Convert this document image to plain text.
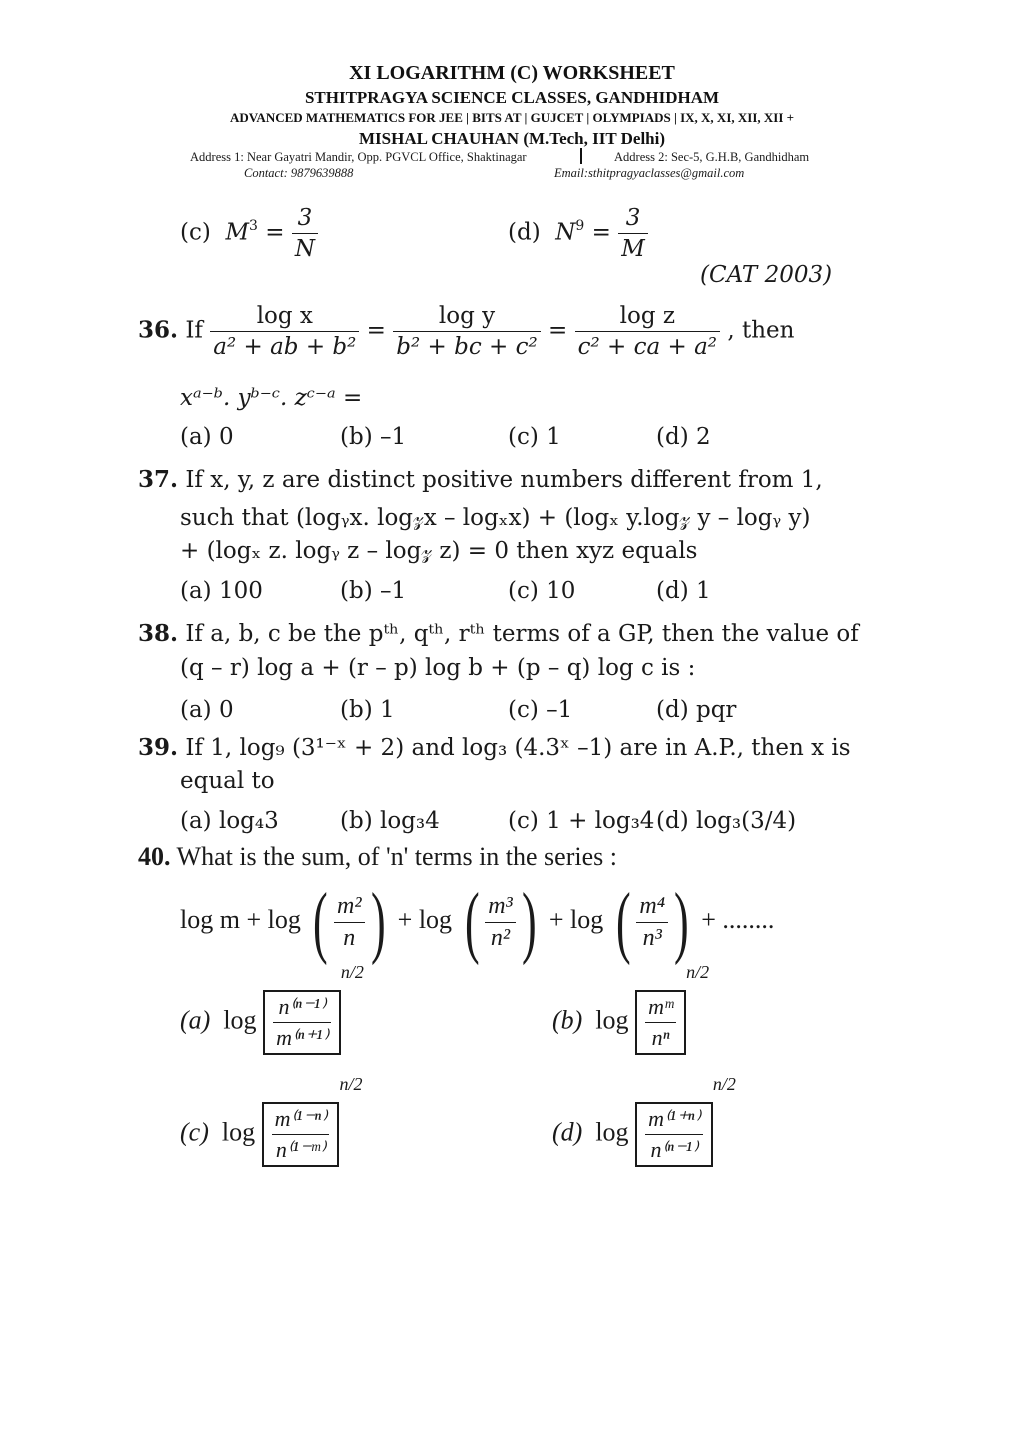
XI LOGARITHM (C) WORKSHEET
STHITPRAGYA SCIENCE CLASSES, GANDHIDHAM
ADVANCED MATHEMATICS FOR JEE | BITS AT | GUJCET | OLYMPIADS | IX, X, XI, XII, XII +
MISHAL CHAUHAN (M.Tech, IIT Delhi)
Address 1: Near Gayatri Mandir, Opp. PGVCL Office, Shaktinagar	Address 2: Sec-5, G.H.B, Gandhidham
Contact: 9879639888	Email:sthitpragyaclasses@gmail.com
(c) $M^3 = \frac{3}{N}$	(d) $N^9 = \frac{3}{M}$
(CAT 2003)
36. If $\frac{\text{log x}}{\text{a² + ab + b²}} = \frac{\text{log y}}{\text{b² + bc + c²}} = \frac{\text{log z}}{\text{c² + ca + a²}}$ , then
xᵃ⁻ᵇ. yᵇ⁻ᶜ. zᶜ⁻ᵃ =
(a) 0	(b) –1	(c) 1	(d) 2
37. If x, y, z are distinct positive numbers different from 1,
such that (logᵧx. log𝓏x – logₓx) + (logₓ y.log𝓏 y – logᵧ y)
+ (logₓ z. logᵧ z – log𝓏 z) = 0 then xyz equals
(a) 100	(b) –1	(c) 10	(d) 1
38. If a, b, c be the pᵗʰ, qᵗʰ, rᵗʰ terms of a GP, then the value of
(q – r) log a + (r – p) log b + (p – q) log c is :
(a) 0	(b) 1	(c) –1	(d) pqr
39. If 1, log₉ (3¹⁻ˣ + 2) and log₃ (4.3ˣ –1) are in A.P., then x is
equal to
(a) log₄3	(b) log₃4	(c) 1 + log₃4 (d) log₃(3/4)
40. What is the sum, of 'n' terms in the series :
log m + log ( $\frac{\text{m²}}{n}$ ) + log ( $\frac{\text{m³}}{\text{n²}}$ ) + log ( $\frac{\text{m⁴}}{\text{n³}}$ ) + ........
(a) $\log \frac{\text{n⁽ⁿ⁻¹⁾}}{\text{m⁽ⁿ⁺¹⁾}}$
n/2
(b) $\log \frac{\text{mᵐ}}{\text{nⁿ}}$
n/2
(c) $\log \frac{\text{m⁽¹⁻ⁿ⁾}}{\text{n⁽¹⁻ᵐ⁾}}$
n/2
(d) $\log \frac{\text{m⁽¹⁺ⁿ⁾}}{\text{n⁽ⁿ⁻¹⁾}}$
n/2
